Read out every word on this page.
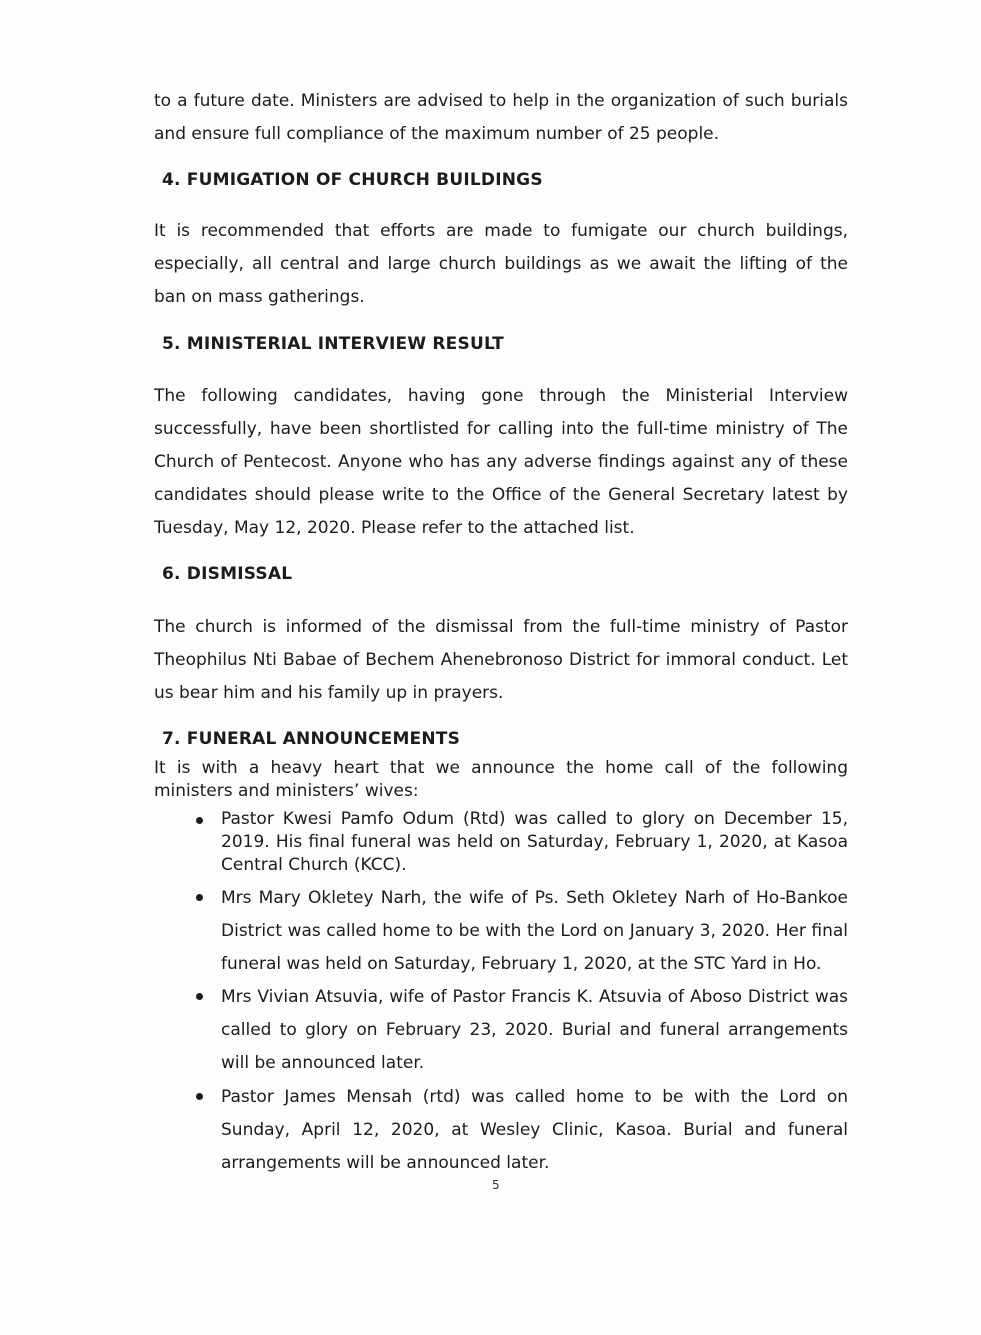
to a future date. Ministers are advised to help in the organization of such burials and ensure full compliance of the maximum number of 25 people.

4. FUMIGATION OF CHURCH BUILDINGS

It is recommended that efforts are made to fumigate our church buildings, especially, all central and large church buildings as we await the lifting of the ban on mass gatherings.

5. MINISTERIAL INTERVIEW RESULT

The following candidates, having gone through the Ministerial Interview successfully, have been shortlisted for calling into the full-time ministry of The Church of Pentecost. Anyone who has any adverse findings against any of these candidates should please write to the Office of the General Secretary latest by Tuesday, May 12, 2020. Please refer to the attached list.

6. DISMISSAL

The church is informed of the dismissal from the full-time ministry of Pastor Theophilus Nti Babae of Bechem Ahenebronoso District for immoral conduct. Let us bear him and his family up in prayers.

7. FUNERAL ANNOUNCEMENTS

It is with a heavy heart that we announce the home call of the following ministers and ministers’ wives:

Pastor Kwesi Pamfo Odum (Rtd) was called to glory on December 15, 2019. His final funeral was held on Saturday, February 1, 2020, at Kasoa Central Church (KCC).

Mrs Mary Okletey Narh, the wife of Ps. Seth Okletey Narh of Ho-Bankoe District was called home to be with the Lord on January 3, 2020. Her final funeral was held on Saturday, February 1, 2020, at the STC Yard in Ho.

Mrs Vivian Atsuvia, wife of Pastor Francis K. Atsuvia of Aboso District was called to glory on February 23, 2020. Burial and funeral arrangements will be announced later.

Pastor James Mensah (rtd) was called home to be with the Lord on Sunday, April 12, 2020, at Wesley Clinic, Kasoa. Burial and funeral arrangements will be announced later.

5
